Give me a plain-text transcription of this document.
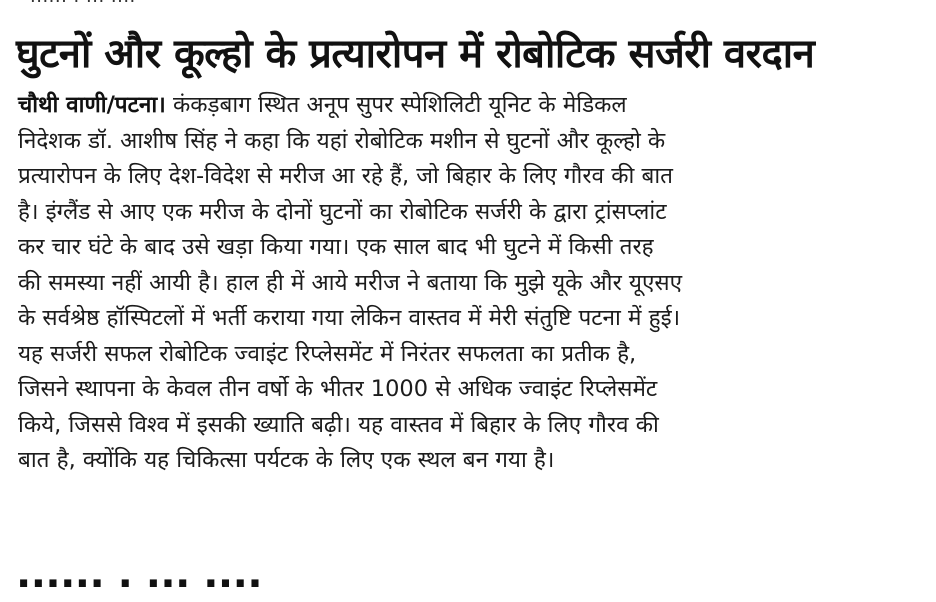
घुटनों और कूल्हो के प्रत्यारोपन में रोबोटिक सर्जरी वरदान
चौथी वाणी/पटना। कंकड़बाग स्थित अनूप सुपर स्पेशिलिटी यूनिट के मेडिकल
निदेशक डॉ. आशीष सिंह ने कहा कि यहां रोबोटिक मशीन से घुटनों और कूल्हो के
प्रत्यारोपन के लिए देश-विदेश से मरीज आ रहे हैं, जो बिहार के लिए गौरव की बात
है। इंग्लैंड से आए एक मरीज के दोनों घुटनों का रोबोटिक सर्जरी के द्वारा ट्रांसप्लांट
कर चार घंटे के बाद उसे खड़ा किया गया। एक साल बाद भी घुटने में किसी तरह
की समस्या नहीं आयी है। हाल ही में आये मरीज ने बताया कि मुझे यूके और यूएसए
के सर्वश्रेष्ठ हॉस्पिटलों में भर्ती कराया गया लेकिन वास्तव में मेरी संतुष्टि पटना में हुई।
यह सर्जरी सफल रोबोटिक ज्वाइंट रिप्लेसमेंट में निरंतर सफलता का प्रतीक है,
जिसने स्थापना के केवल तीन वर्षो के भीतर 1000 से अधिक ज्वाइंट रिप्लेसमेंट
किये, जिससे विश्व में इसकी ख्याति बढ़ी। यह वास्तव में बिहार के लिए गौरव की
बात है, क्योंकि यह चिकित्सा पर्यटक के लिए एक स्थल बन गया है।
...... . ... ....
